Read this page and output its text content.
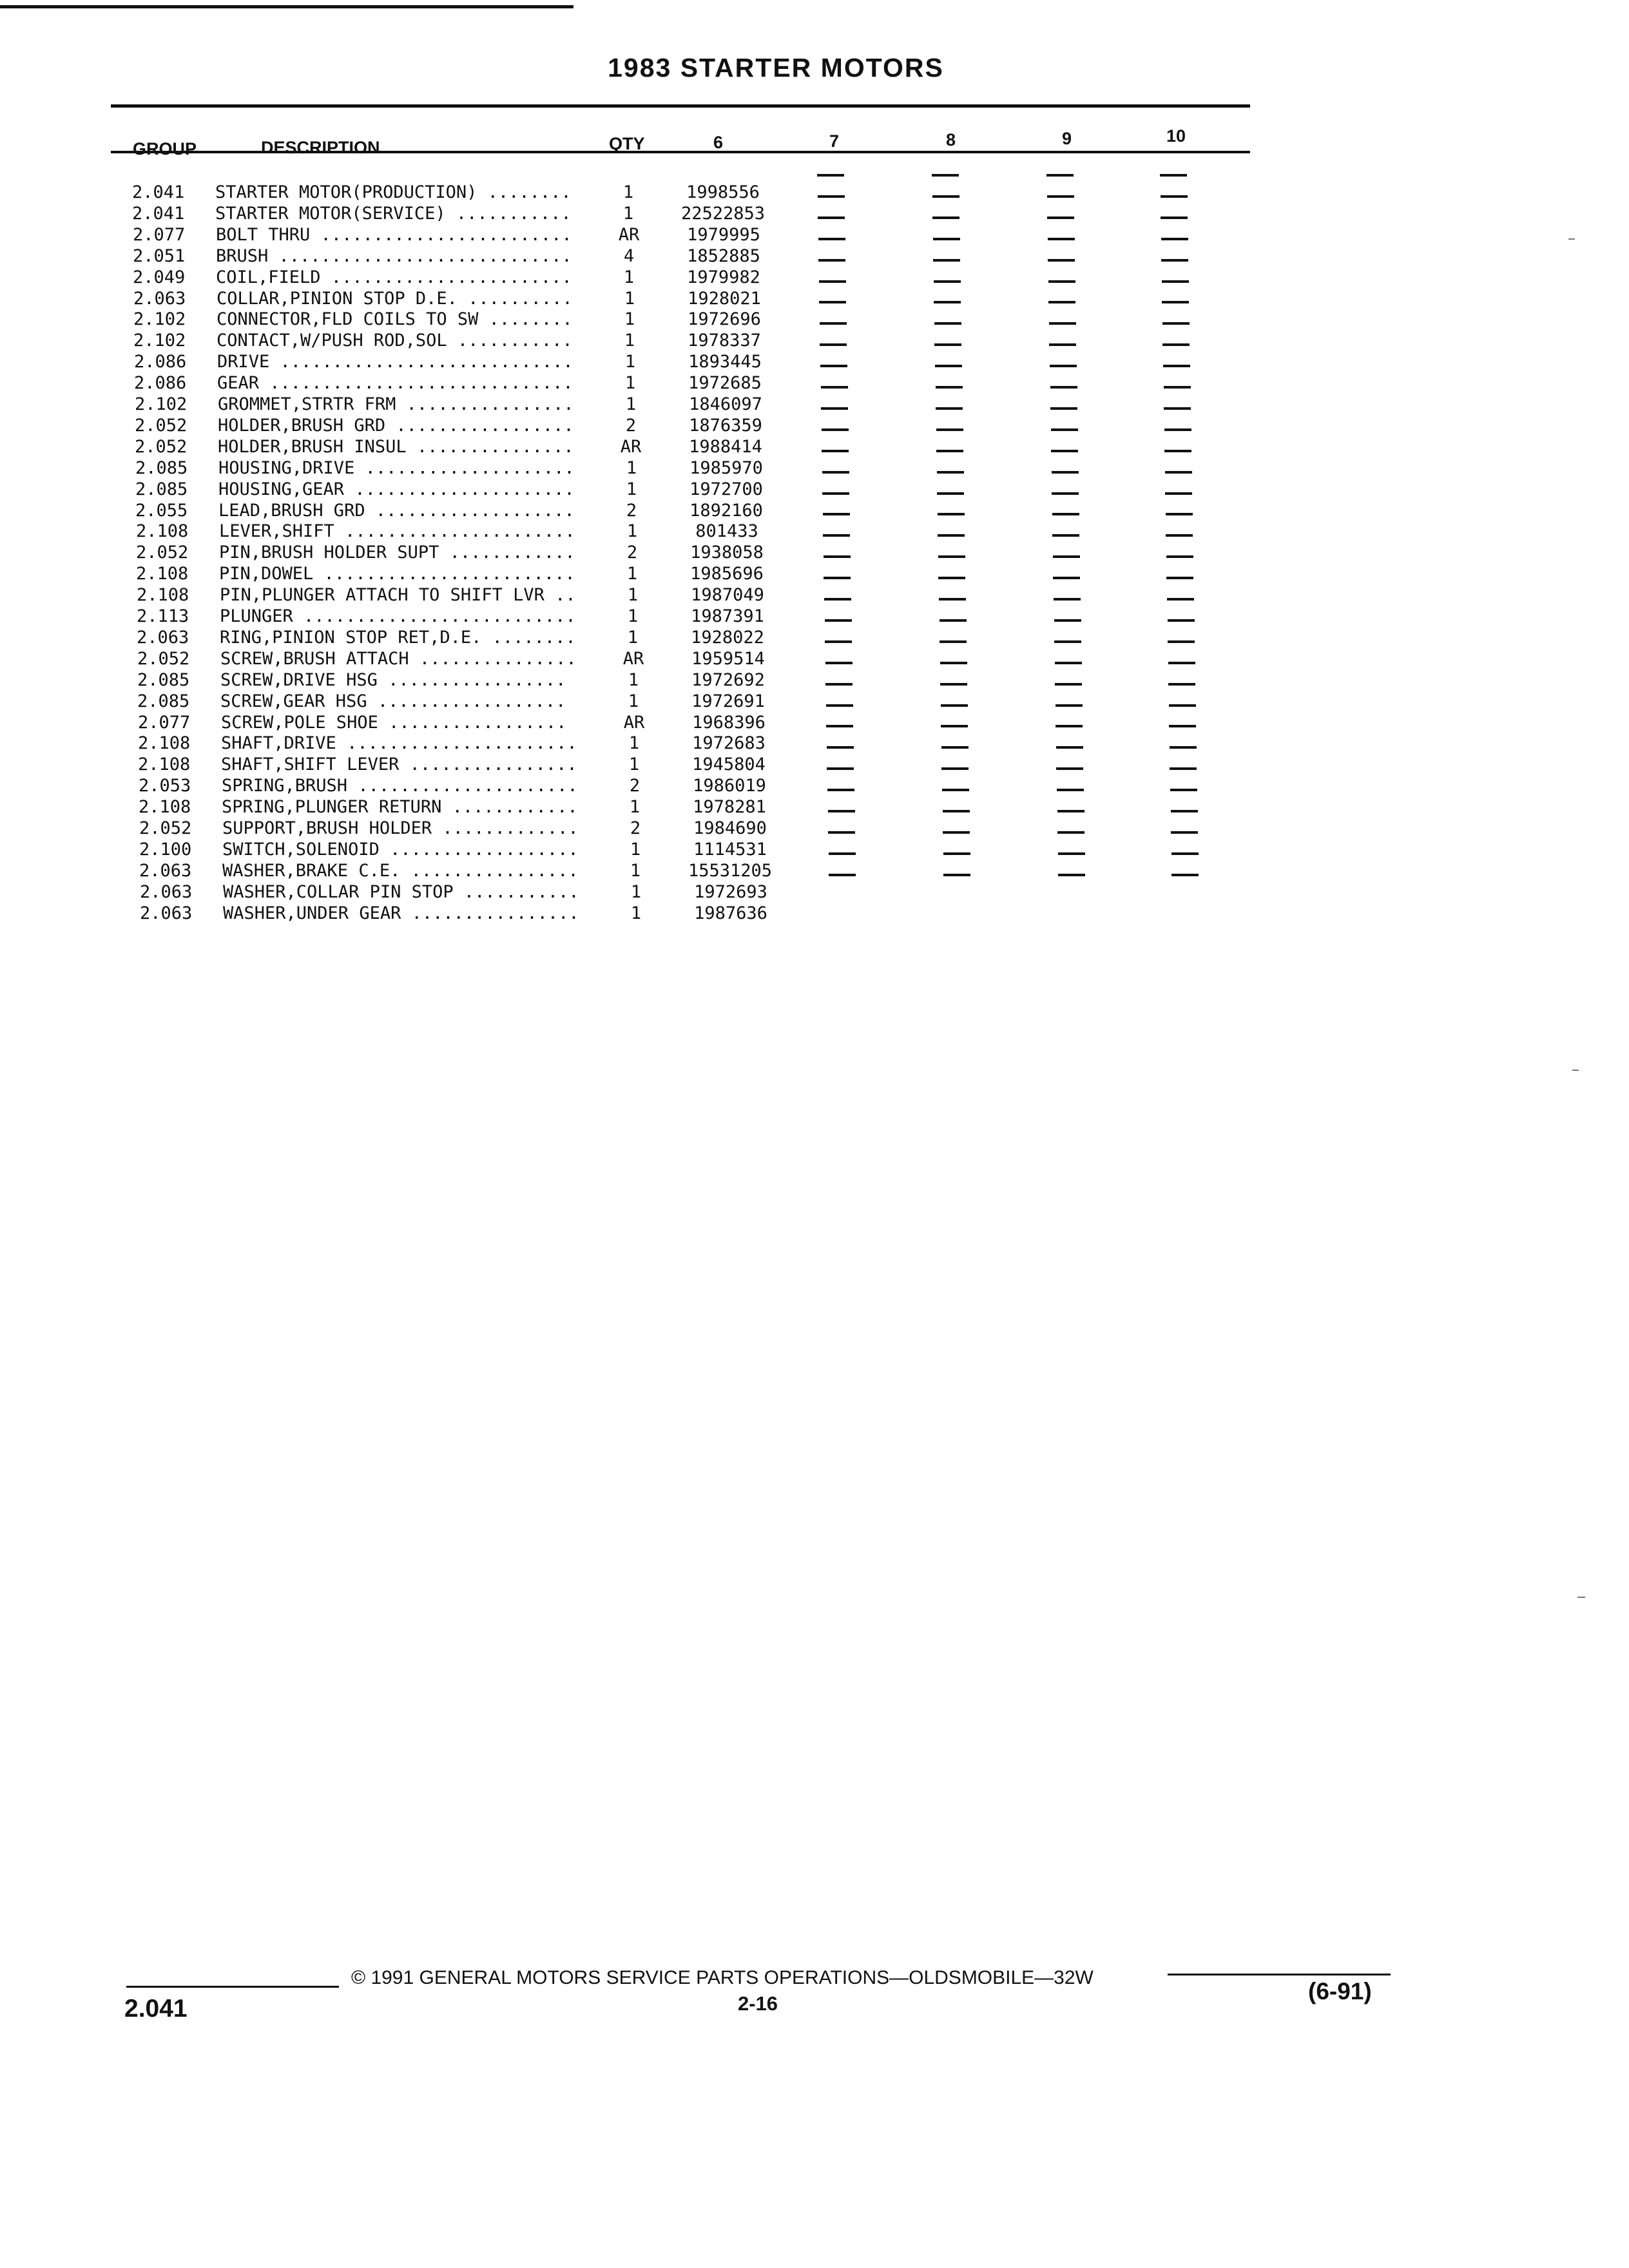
1983 STARTER MOTORS
GROUP	DESCRIPTION	QTY	6	7	8	9	10
2.041 STARTER MOTOR(PRODUCTION) ........	1	1998556
2.041 STARTER MOTOR(SERVICE) ...........	1	22522853
2.077 BOLT THRU ........................	AR	1979995
2.051 BRUSH ............................	4	1852885
2.049 COIL,FIELD .......................	1	1979982
2.063 COLLAR,PINION STOP D.E. ..........	1	1928021
2.102 CONNECTOR,FLD COILS TO SW ........	1	1972696
2.102 CONTACT,W/PUSH ROD,SOL ...........	1	1978337
2.086 DRIVE ............................	1	1893445
2.086 GEAR .............................	1	1972685
2.102 GROMMET,STRTR FRM ................	1	1846097
2.052 HOLDER,BRUSH GRD .................	2	1876359
2.052 HOLDER,BRUSH INSUL ...............	AR	1988414
2.085 HOUSING,DRIVE ....................	1	1985970
2.085 HOUSING,GEAR .....................	1	1972700
2.055 LEAD,BRUSH GRD ...................	2	1892160
2.108 LEVER,SHIFT ......................	1	801433
2.052 PIN,BRUSH HOLDER SUPT ............	2	1938058
2.108 PIN,DOWEL ........................	1	1985696
2.108 PIN,PLUNGER ATTACH TO SHIFT LVR ..	1	1987049
2.113 PLUNGER ..........................	1	1987391
2.063 RING,PINION STOP RET,D.E. ........	1	1928022
2.052 SCREW,BRUSH ATTACH ...............	AR	1959514
2.085 SCREW,DRIVE HSG .................	1	1972692
2.085 SCREW,GEAR HSG ..................	1	1972691
2.077 SCREW,POLE SHOE .................	AR	1968396
2.108 SHAFT,DRIVE ......................	1	1972683
2.108 SHAFT,SHIFT LEVER ................	1	1945804
2.053 SPRING,BRUSH .....................	2	1986019
2.108 SPRING,PLUNGER RETURN ............	1	1978281
2.052 SUPPORT,BRUSH HOLDER .............	2	1984690
2.100 SWITCH,SOLENOID ..................	1	1114531
2.063 WASHER,BRAKE C.E. ................	1	15531205
2.063 WASHER,COLLAR PIN STOP ...........	1	1972693
2.063 WASHER,UNDER GEAR ................	1	1987636
© 1991 GENERAL MOTORS SERVICE PARTS OPERATIONS—OLDSMOBILE—32W
2.041	2-16	(6-91)
